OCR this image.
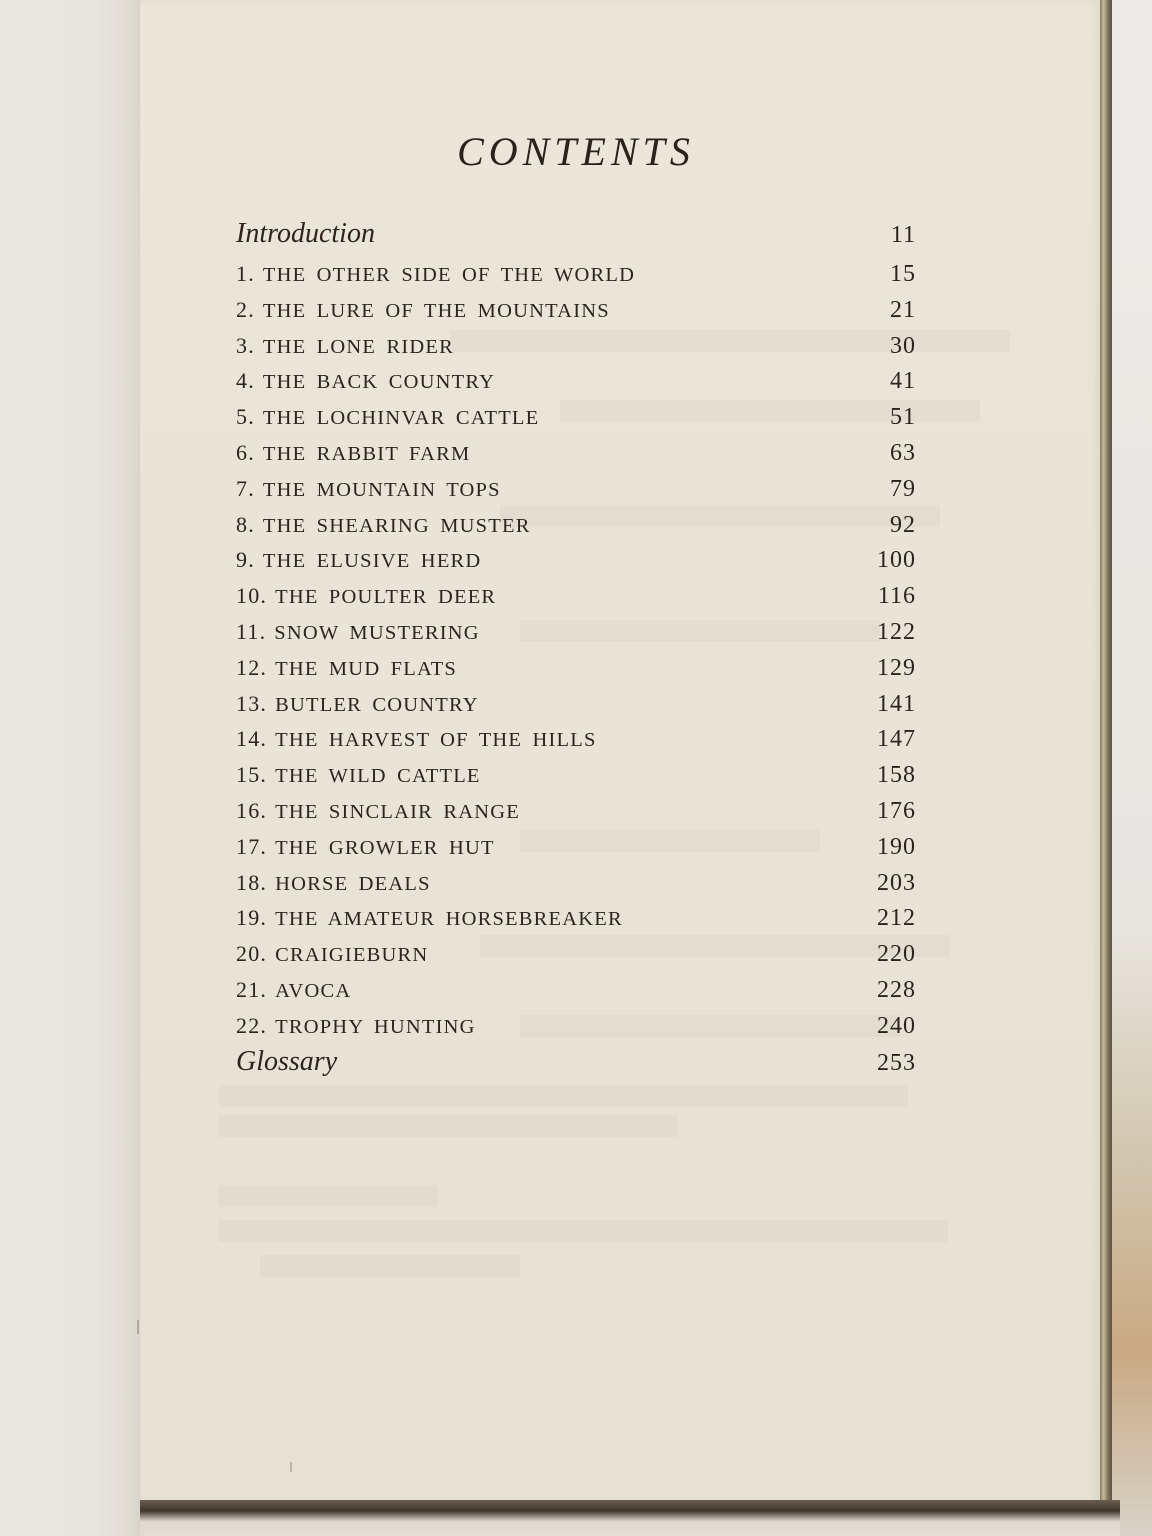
CONTENTS
Introduction	11
1. THE OTHER SIDE OF THE WORLD	15
2. THE LURE OF THE MOUNTAINS	21
3. THE LONE RIDER	30
4. THE BACK COUNTRY	41
5. THE LOCHINVAR CATTLE	51
6. THE RABBIT FARM	63
7. THE MOUNTAIN TOPS	79
8. THE SHEARING MUSTER	92
9. THE ELUSIVE HERD	100
10. THE POULTER DEER	116
11. SNOW MUSTERING	122
12. THE MUD FLATS	129
13. BUTLER COUNTRY	141
14. THE HARVEST OF THE HILLS	147
15. THE WILD CATTLE	158
16. THE SINCLAIR RANGE	176
17. THE GROWLER HUT	190
18. HORSE DEALS	203
19. THE AMATEUR HORSEBREAKER	212
20. CRAIGIEBURN	220
21. AVOCA	228
22. TROPHY HUNTING	240
Glossary	253
